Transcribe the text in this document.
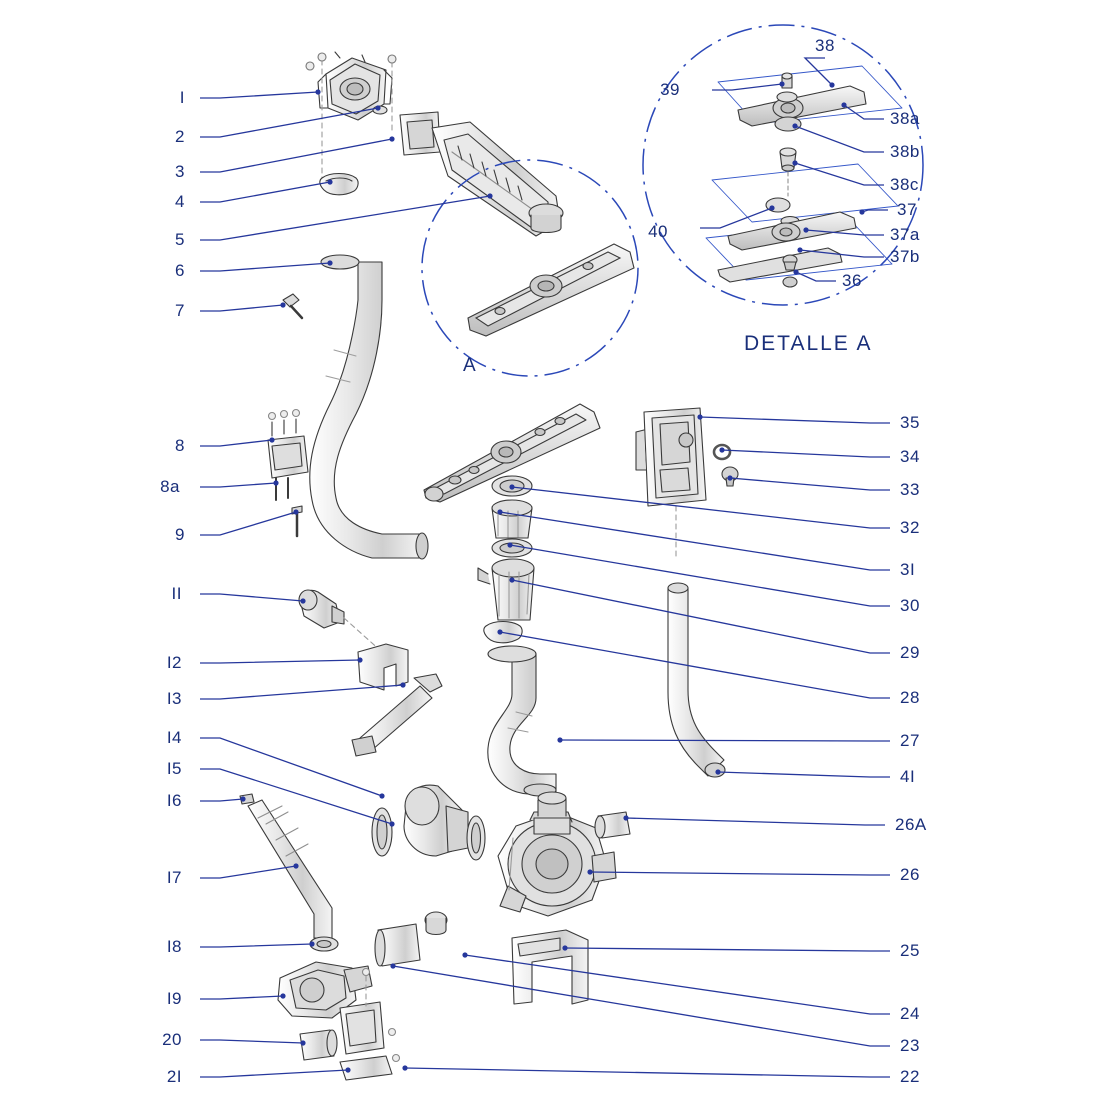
I
2
3
4
5
6
7
8
8a
9
II
I2
I3
I4
I5
I6
I7
I8
I9
20
2I
35
34
33
32
3I
30
29
28
27
4I
26A
26
25
24
23
22
38
39
38a
38b
38c
37
37a
40
37b
36
DETALLE A
A
